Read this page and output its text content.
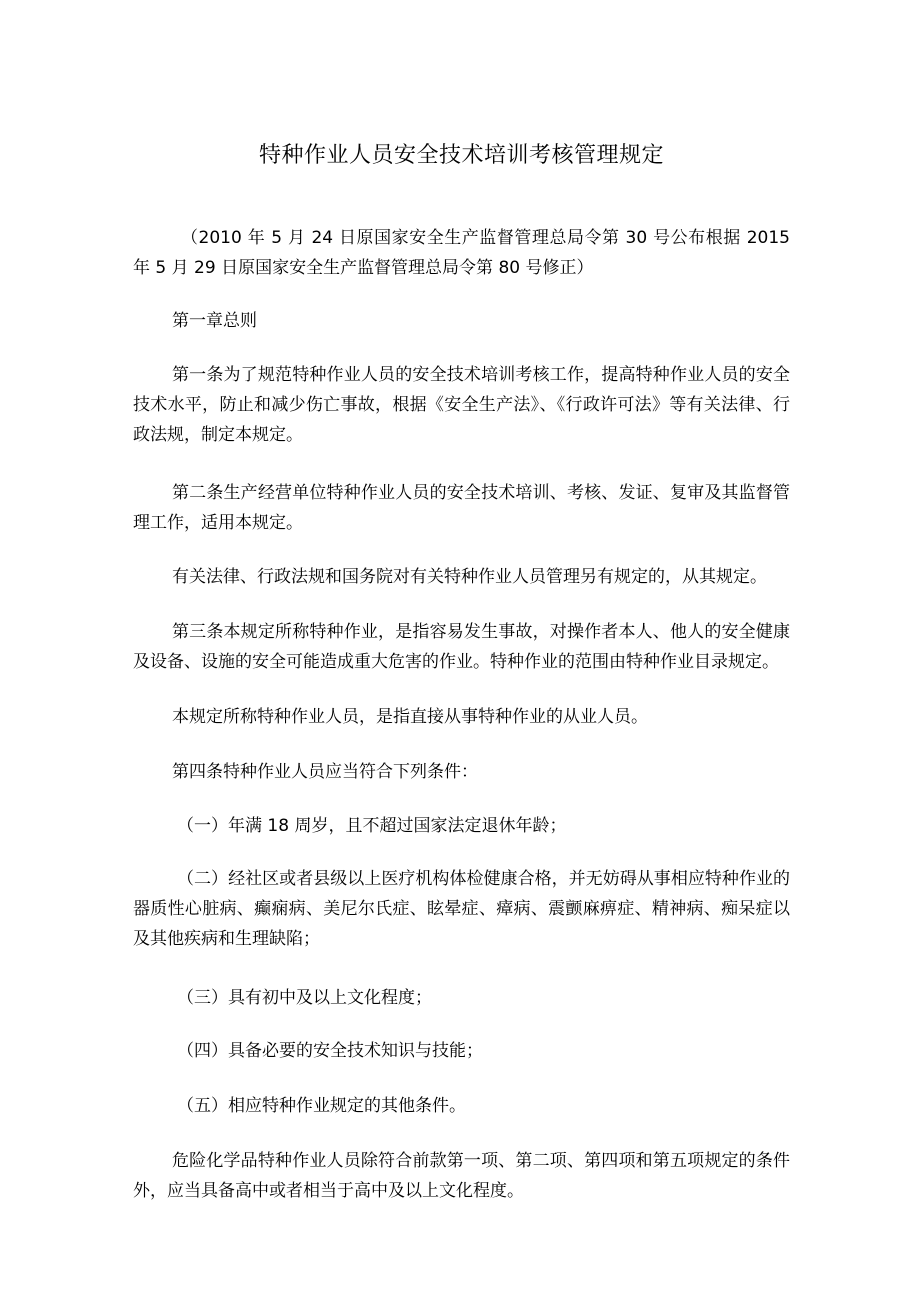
特种作业人员安全技术培训考核管理规定

（2010 年 5 月 24 日原国家安全生产监督管理总局令第 30 号公布根据 2015 年 5 月 29 日原国家安全生产监督管理总局令第 80 号修正）

第一章总则

第一条为了规范特种作业人员的安全技术培训考核工作，提高特种作业人员的安全技术水平，防止和减少伤亡事故，根据《安全生产法》、《行政许可法》等有关法律、行政法规，制定本规定。

第二条生产经营单位特种作业人员的安全技术培训、考核、发证、复审及其监督管理工作，适用本规定。

有关法律、行政法规和国务院对有关特种作业人员管理另有规定的，从其规定。

第三条本规定所称特种作业，是指容易发生事故，对操作者本人、他人的安全健康及设备、设施的安全可能造成重大危害的作业。特种作业的范围由特种作业目录规定。

本规定所称特种作业人员，是指直接从事特种作业的从业人员。

第四条特种作业人员应当符合下列条件：

（一）年满 18 周岁，且不超过国家法定退休年龄；

（二）经社区或者县级以上医疗机构体检健康合格，并无妨碍从事相应特种作业的器质性心脏病、癫痫病、美尼尔氏症、眩晕症、瘴病、震颤麻痹症、精神病、痴呆症以及其他疾病和生理缺陷；

（三）具有初中及以上文化程度；

（四）具备必要的安全技术知识与技能；

（五）相应特种作业规定的其他条件。

危险化学品特种作业人员除符合前款第一项、第二项、第四项和第五项规定的条件外，应当具备高中或者相当于高中及以上文化程度。
